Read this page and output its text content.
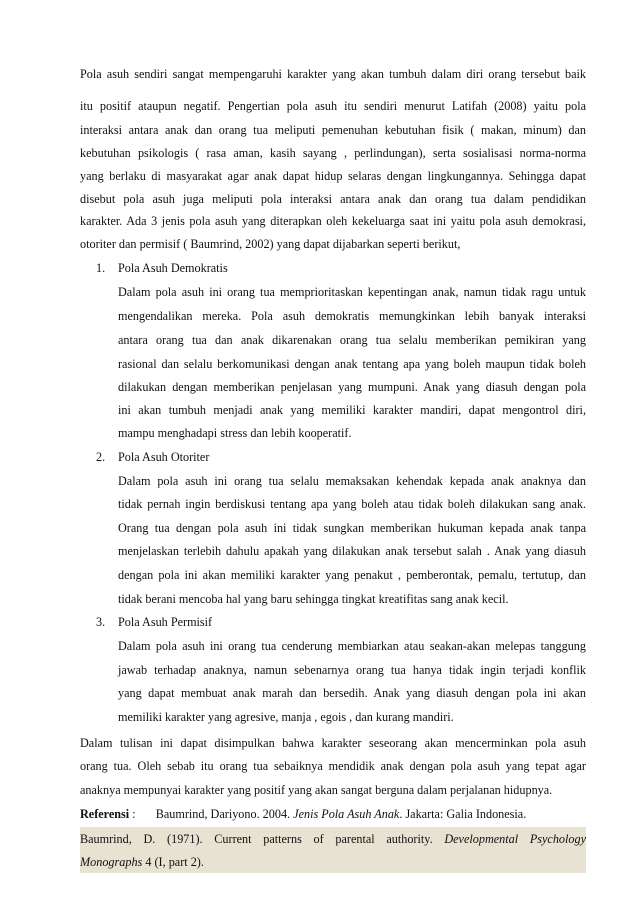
Pola asuh sendiri sangat mempengaruhi karakter yang akan tumbuh dalam diri orang tersebut baik
itu positif ataupun negatif. Pengertian pola asuh itu sendiri menurut Latifah (2008) yaitu pola
interaksi antara anak dan orang tua meliputi pemenuhan kebutuhan fisik ( makan, minum) dan
kebutuhan psikologis ( rasa aman, kasih sayang , perlindungan), serta sosialisasi norma-norma
yang berlaku di masyarakat agar anak dapat hidup selaras dengan lingkungannya. Sehingga dapat
disebut pola asuh juga meliputi pola interaksi antara anak dan orang tua dalam pendidikan
karakter. Ada 3 jenis pola asuh yang diterapkan oleh kekeluarga saat ini yaitu pola asuh demokrasi,
otoriter dan permisif ( Baumrind, 2002) yang dapat dijabarkan seperti berikut,
1. Pola Asuh Demokratis
Dalam pola asuh ini orang tua memprioritaskan kepentingan anak, namun tidak ragu untuk
mengendalikan mereka. Pola asuh demokratis memungkinkan lebih banyak interaksi
antara orang tua dan anak dikarenakan orang tua selalu memberikan pemikiran yang
rasional dan selalu berkomunikasi dengan anak tentang apa yang boleh maupun tidak boleh
dilakukan dengan memberikan penjelasan yang mumpuni. Anak yang diasuh dengan pola
ini akan tumbuh menjadi anak yang memiliki karakter mandiri, dapat mengontrol diri,
mampu menghadapi stress dan lebih kooperatif.
2. Pola Asuh Otoriter
Dalam pola asuh ini orang tua selalu memaksakan kehendak kepada anak anaknya dan
tidak pernah ingin berdiskusi tentang apa yang boleh atau tidak boleh dilakukan sang anak.
Orang tua dengan pola asuh ini tidak sungkan memberikan hukuman kepada anak tanpa
menjelaskan terlebih dahulu apakah yang dilakukan anak tersebut salah . Anak yang diasuh
dengan pola ini akan memiliki karakter yang penakut , pemberontak, pemalu, tertutup, dan
tidak berani mencoba hal yang baru sehingga tingkat kreatifitas sang anak kecil.
3. Pola Asuh Permisif
Dalam pola asuh ini orang tua cenderung membiarkan atau seakan-akan melepas tanggung
jawab terhadap anaknya, namun sebenarnya orang tua hanya tidak ingin terjadi konflik
yang dapat membuat anak marah dan bersedih. Anak yang diasuh dengan pola ini akan
memiliki karakter yang agresive, manja , egois , dan kurang mandiri.
Dalam tulisan ini dapat disimpulkan bahwa karakter seseorang akan mencerminkan pola asuh
orang tua. Oleh sebab itu orang tua sebaiknya mendidik anak dengan pola asuh yang tepat agar
anaknya mempunyai karakter yang positif yang akan sangat berguna dalam perjalanan hidupnya.
Referensi : Baumrind, Dariyono. 2004. Jenis Pola Asuh Anak. Jakarta: Galia Indonesia.
Baumrind, D. (1971). Current patterns of parental authority. Developmental Psychology
Monographs 4 (I, part 2).
